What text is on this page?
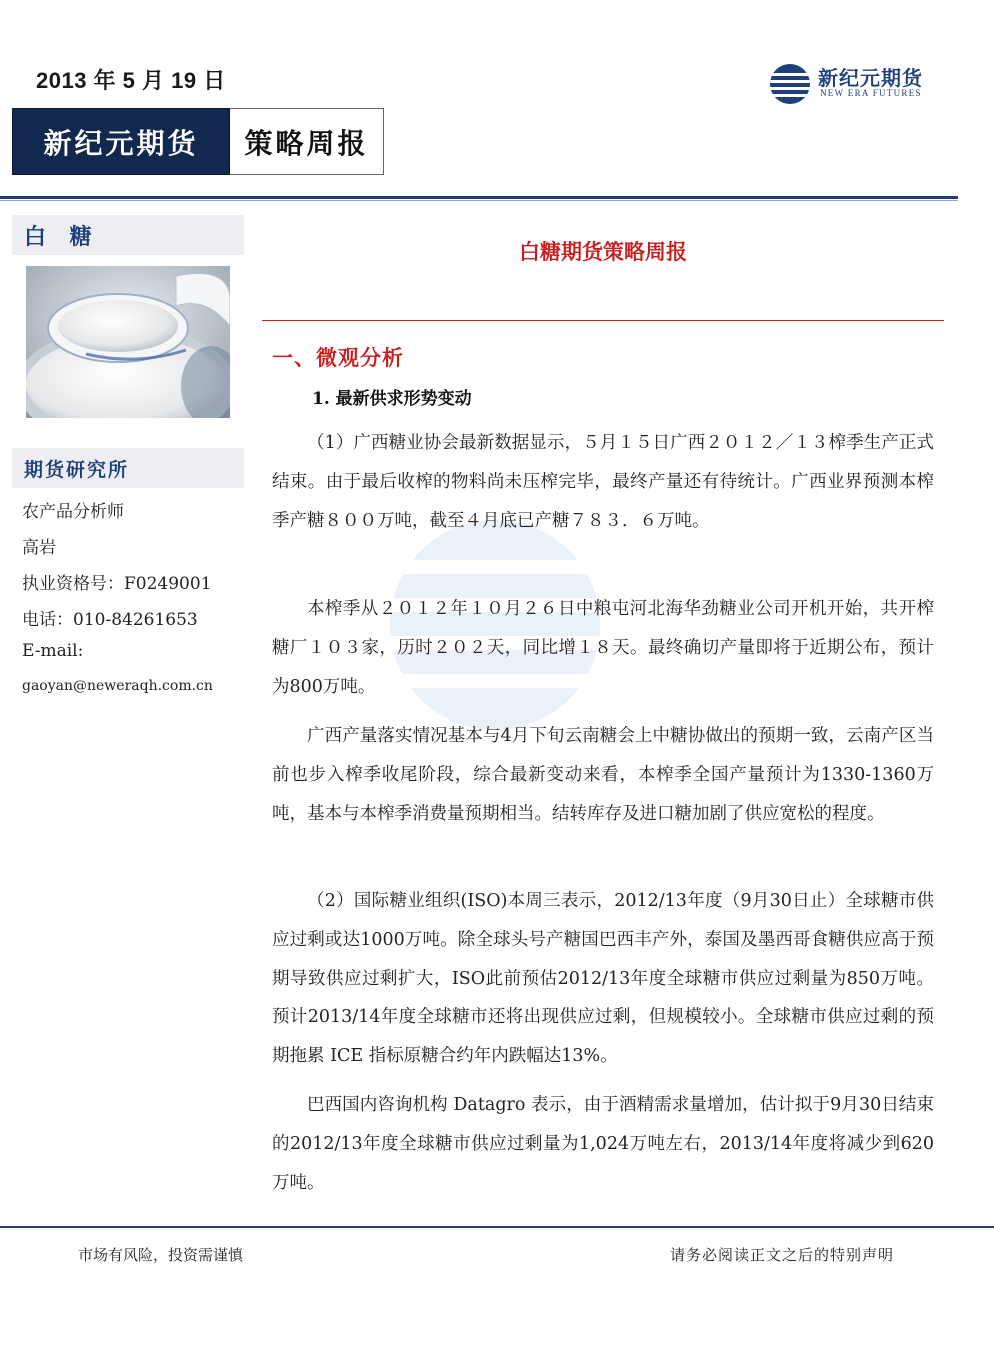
2013 年 5 月 19 日	新纪元期货
NEW ERA FUTURES
新纪元期货	策略周报
白 糖
期货研究所
农产品分析师
高岩
执业资格号：F0249001
电话：010-84261653
E-mail:
gaoyan@neweraqh.com.cn
白糖期货策略周报
一、微观分析
1. 最新供求形势变动

（1）广西糖业协会最新数据显示，５月１５日广西２０１２／１３榨季生产正式结束。由于最后收榨的物料尚未压榨完毕，最终产量还有待统计。广西业界预测本榨季产糖８００万吨，截至４月底已产糖７８３．６万吨。

本榨季从２０１２年１０月２６日中粮屯河北海华劲糖业公司开机开始，共开榨糖厂１０３家，历时２０２天，同比增１８天。最终确切产量即将于近期公布，预计为800万吨。

广西产量落实情况基本与4月下旬云南糖会上中糖协做出的预期一致，云南产区当前也步入榨季收尾阶段，综合最新变动来看，本榨季全国产量预计为1330-1360万吨，基本与本榨季消费量预期相当。结转库存及进口糖加剧了供应宽松的程度。

（2）国际糖业组织(ISO)本周三表示，2012/13年度（9月30日止）全球糖市供应过剩或达1000万吨。除全球头号产糖国巴西丰产外，泰国及墨西哥食糖供应高于预期导致供应过剩扩大，ISO此前预估2012/13年度全球糖市供应过剩量为850万吨。预计2013/14年度全球糖市还将出现供应过剩，但规模较小。全球糖市供应过剩的预期拖累 ICE 指标原糖合约年内跌幅达13%。

巴西国内咨询机构 Datagro 表示，由于酒精需求量增加，估计拟于9月30日结束的2012/13年度全球糖市供应过剩量为1,024万吨左右，2013/14年度将减少到620万吨。

市场有风险，投资需谨慎	请务必阅读正文之后的特别声明
